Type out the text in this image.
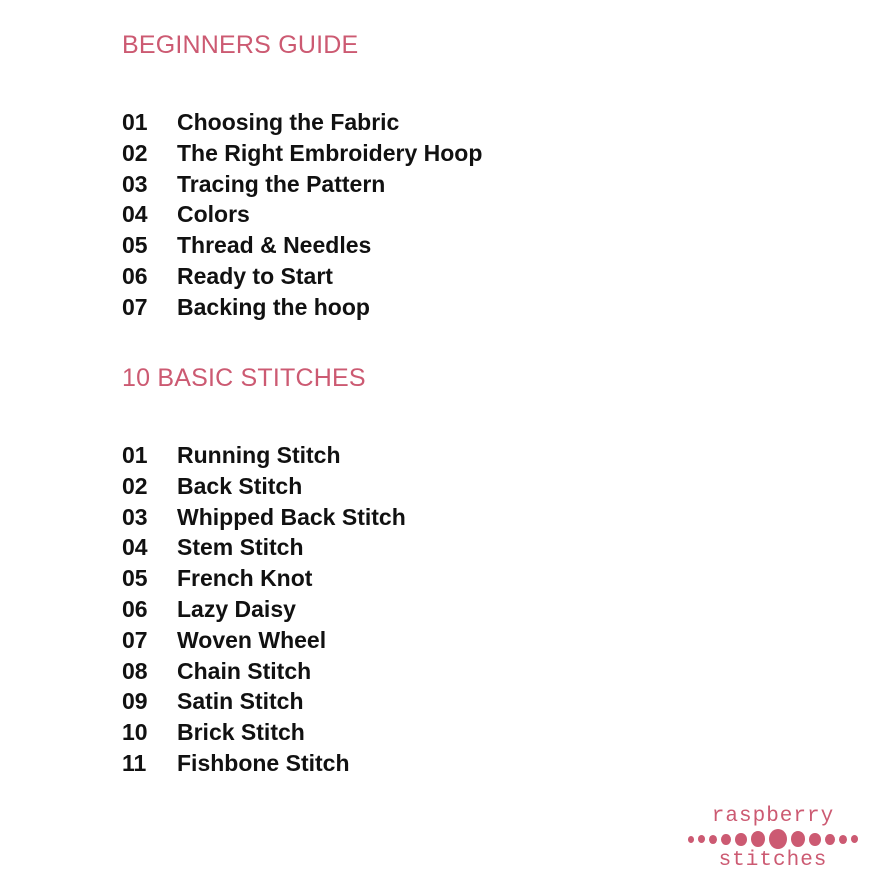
BEGINNERS GUIDE
01	Choosing the Fabric
02	The Right Embroidery Hoop
03	Tracing the Pattern
04	Colors
05	Thread & Needles
06	Ready to Start
07	Backing the hoop
10 BASIC STITCHES
01	Running Stitch
02	Back Stitch
03	Whipped Back Stitch
04	Stem Stitch
05	French Knot
06	Lazy Daisy
07	Woven Wheel
08	Chain Stitch
09	Satin Stitch
10	Brick Stitch
11	Fishbone Stitch
raspberry
stitches
